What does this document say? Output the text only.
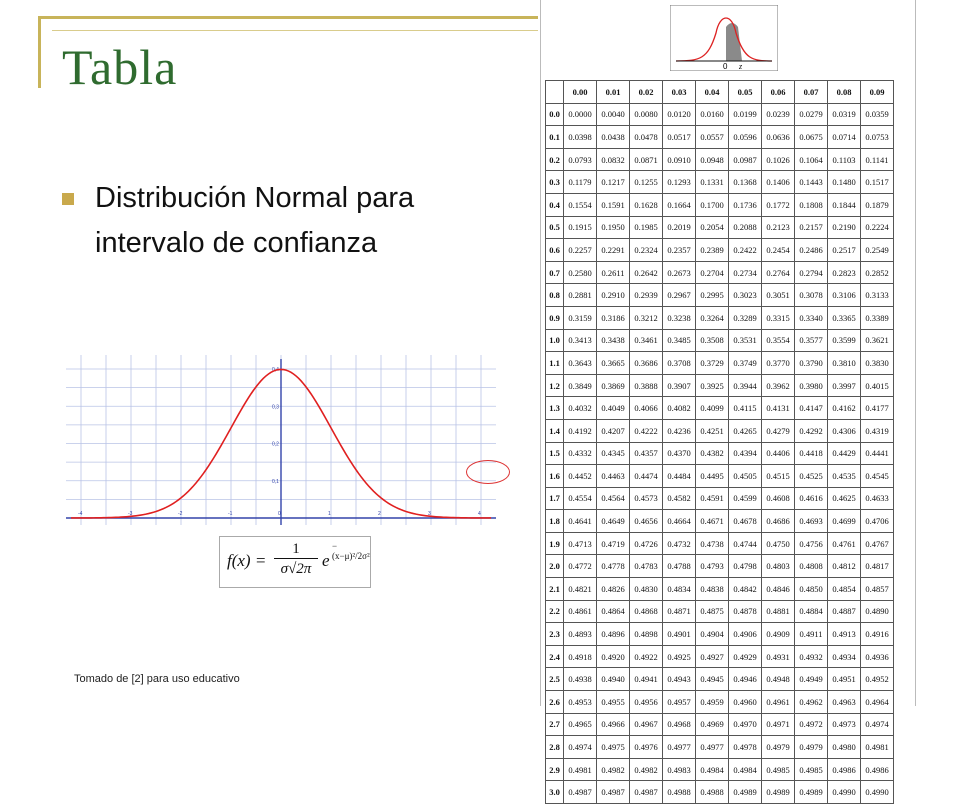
Tabla
Distribución Normal para intervalo de confianza
-4	-3	-2	-1	0	1	2	3	4
0,1
0,2
0,3
0,4
$f(x) = \frac{1}{\sigma√2\pi}$ e
−(x−μ)²/2σ²
Tomado de [2] para uso educativo
0 z
	0.00	0.01	0.02	0.03	0.04	0.05	0.06	0.07	0.08	0.09
0.0	0.0000	0.0040	0.0080	0.0120	0.0160	0.0199	0.0239	0.0279	0.0319	0.0359
0.1	0.0398	0.0438	0.0478	0.0517	0.0557	0.0596	0.0636	0.0675	0.0714	0.0753
0.2	0.0793	0.0832	0.0871	0.0910	0.0948	0.0987	0.1026	0.1064	0.1103	0.1141
0.3	0.1179	0.1217	0.1255	0.1293	0.1331	0.1368	0.1406	0.1443	0.1480	0.1517
0.4	0.1554	0.1591	0.1628	0.1664	0.1700	0.1736	0.1772	0.1808	0.1844	0.1879
0.5	0.1915	0.1950	0.1985	0.2019	0.2054	0.2088	0.2123	0.2157	0.2190	0.2224
0.6	0.2257	0.2291	0.2324	0.2357	0.2389	0.2422	0.2454	0.2486	0.2517	0.2549
0.7	0.2580	0.2611	0.2642	0.2673	0.2704	0.2734	0.2764	0.2794	0.2823	0.2852
0.8	0.2881	0.2910	0.2939	0.2967	0.2995	0.3023	0.3051	0.3078	0.3106	0.3133
0.9	0.3159	0.3186	0.3212	0.3238	0.3264	0.3289	0.3315	0.3340	0.3365	0.3389
1.0	0.3413	0.3438	0.3461	0.3485	0.3508	0.3531	0.3554	0.3577	0.3599	0.3621
1.1	0.3643	0.3665	0.3686	0.3708	0.3729	0.3749	0.3770	0.3790	0.3810	0.3830
1.2	0.3849	0.3869	0.3888	0.3907	0.3925	0.3944	0.3962	0.3980	0.3997	0.4015
1.3	0.4032	0.4049	0.4066	0.4082	0.4099	0.4115	0.4131	0.4147	0.4162	0.4177
1.4	0.4192	0.4207	0.4222	0.4236	0.4251	0.4265	0.4279	0.4292	0.4306	0.4319
1.5	0.4332	0.4345	0.4357	0.4370	0.4382	0.4394	0.4406	0.4418	0.4429	0.4441
1.6	0.4452	0.4463	0.4474	0.4484	0.4495	0.4505	0.4515	0.4525	0.4535	0.4545
1.7	0.4554	0.4564	0.4573	0.4582	0.4591	0.4599	0.4608	0.4616	0.4625	0.4633
1.8	0.4641	0.4649	0.4656	0.4664	0.4671	0.4678	0.4686	0.4693	0.4699	0.4706
1.9	0.4713	0.4719	0.4726	0.4732	0.4738	0.4744	0.4750	0.4756	0.4761	0.4767
2.0	0.4772	0.4778	0.4783	0.4788	0.4793	0.4798	0.4803	0.4808	0.4812	0.4817
2.1	0.4821	0.4826	0.4830	0.4834	0.4838	0.4842	0.4846	0.4850	0.4854	0.4857
2.2	0.4861	0.4864	0.4868	0.4871	0.4875	0.4878	0.4881	0.4884	0.4887	0.4890
2.3	0.4893	0.4896	0.4898	0.4901	0.4904	0.4906	0.4909	0.4911	0.4913	0.4916
2.4	0.4918	0.4920	0.4922	0.4925	0.4927	0.4929	0.4931	0.4932	0.4934	0.4936
2.5	0.4938	0.4940	0.4941	0.4943	0.4945	0.4946	0.4948	0.4949	0.4951	0.4952
2.6	0.4953	0.4955	0.4956	0.4957	0.4959	0.4960	0.4961	0.4962	0.4963	0.4964
2.7	0.4965	0.4966	0.4967	0.4968	0.4969	0.4970	0.4971	0.4972	0.4973	0.4974
2.8	0.4974	0.4975	0.4976	0.4977	0.4977	0.4978	0.4979	0.4979	0.4980	0.4981
2.9	0.4981	0.4982	0.4982	0.4983	0.4984	0.4984	0.4985	0.4985	0.4986	0.4986
3.0	0.4987	0.4987	0.4987	0.4988	0.4988	0.4989	0.4989	0.4989	0.4990	0.4990
